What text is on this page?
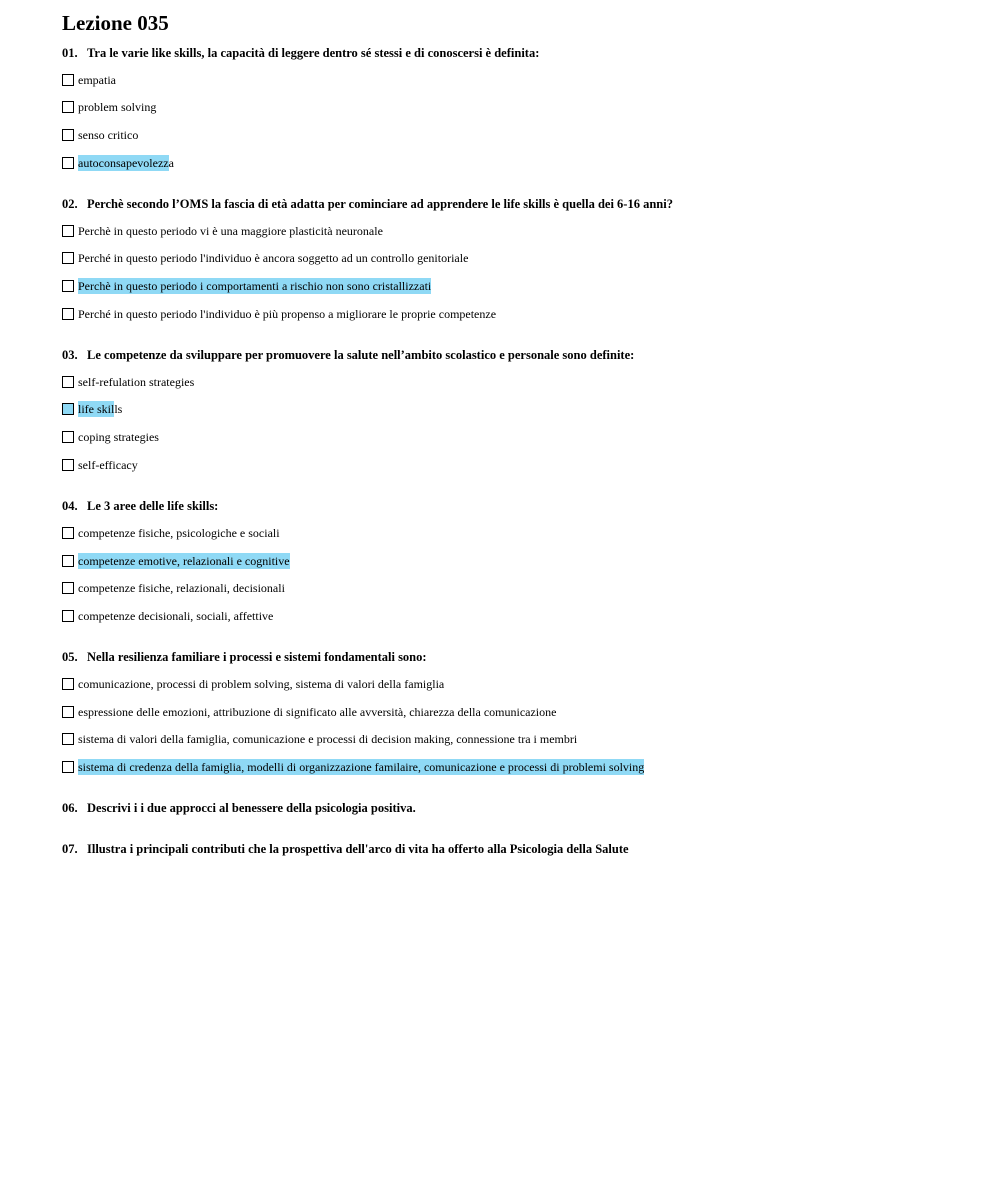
Lezione 035
01. Tra le varie like skills, la capacità di leggere dentro sé stessi e di conoscersi è definita:
empatia
problem solving
senso critico
autoconsapevolezz a
02. Perchè secondo l’OMS la fascia di età adatta per cominciare ad apprendere le life skills è quella dei 6-16 anni?
Perchè in questo periodo vi è una maggiore plasticità neuronale
Perché in questo periodo l'individuo è ancora soggetto ad un controllo genitoriale
Perchè in questo periodo i comportamenti a rischio non sono cristallizzati
Perché in questo periodo l'individuo è più propenso a migliorare le proprie competenze
03. Le competenze da sviluppare per promuovere la salute nell’ambito scolastico e personale sono definite:
self-refulation strategies
life skil ls
coping strategies
self-efficacy
04. Le 3 aree delle life skills:
competenze fisiche, psicologiche e sociali
competenze emotive, relazionali e cognitive
competenze fisiche, relazionali, decisionali
competenze decisionali, sociali, affettive
05. Nella resilienza familiare i processi e sistemi fondamentali sono:
comunicazione, processi di problem solving, sistema di valori della famiglia
espressione delle emozioni, attribuzione di significato alle avversità, chiarezza della comunicazione
sistema di valori della famiglia, comunicazione e processi di decision making, connessione tra i membri
sistema di credenza della famiglia, modelli di organizzazione familaire, comunicazione e processi di problemi solving
06. Descrivi i i due approcci al benessere della psicologia positiva.
07. Illustra i principali contributi che la prospettiva dell'arco di vita ha offerto alla Psicologia della Salute
